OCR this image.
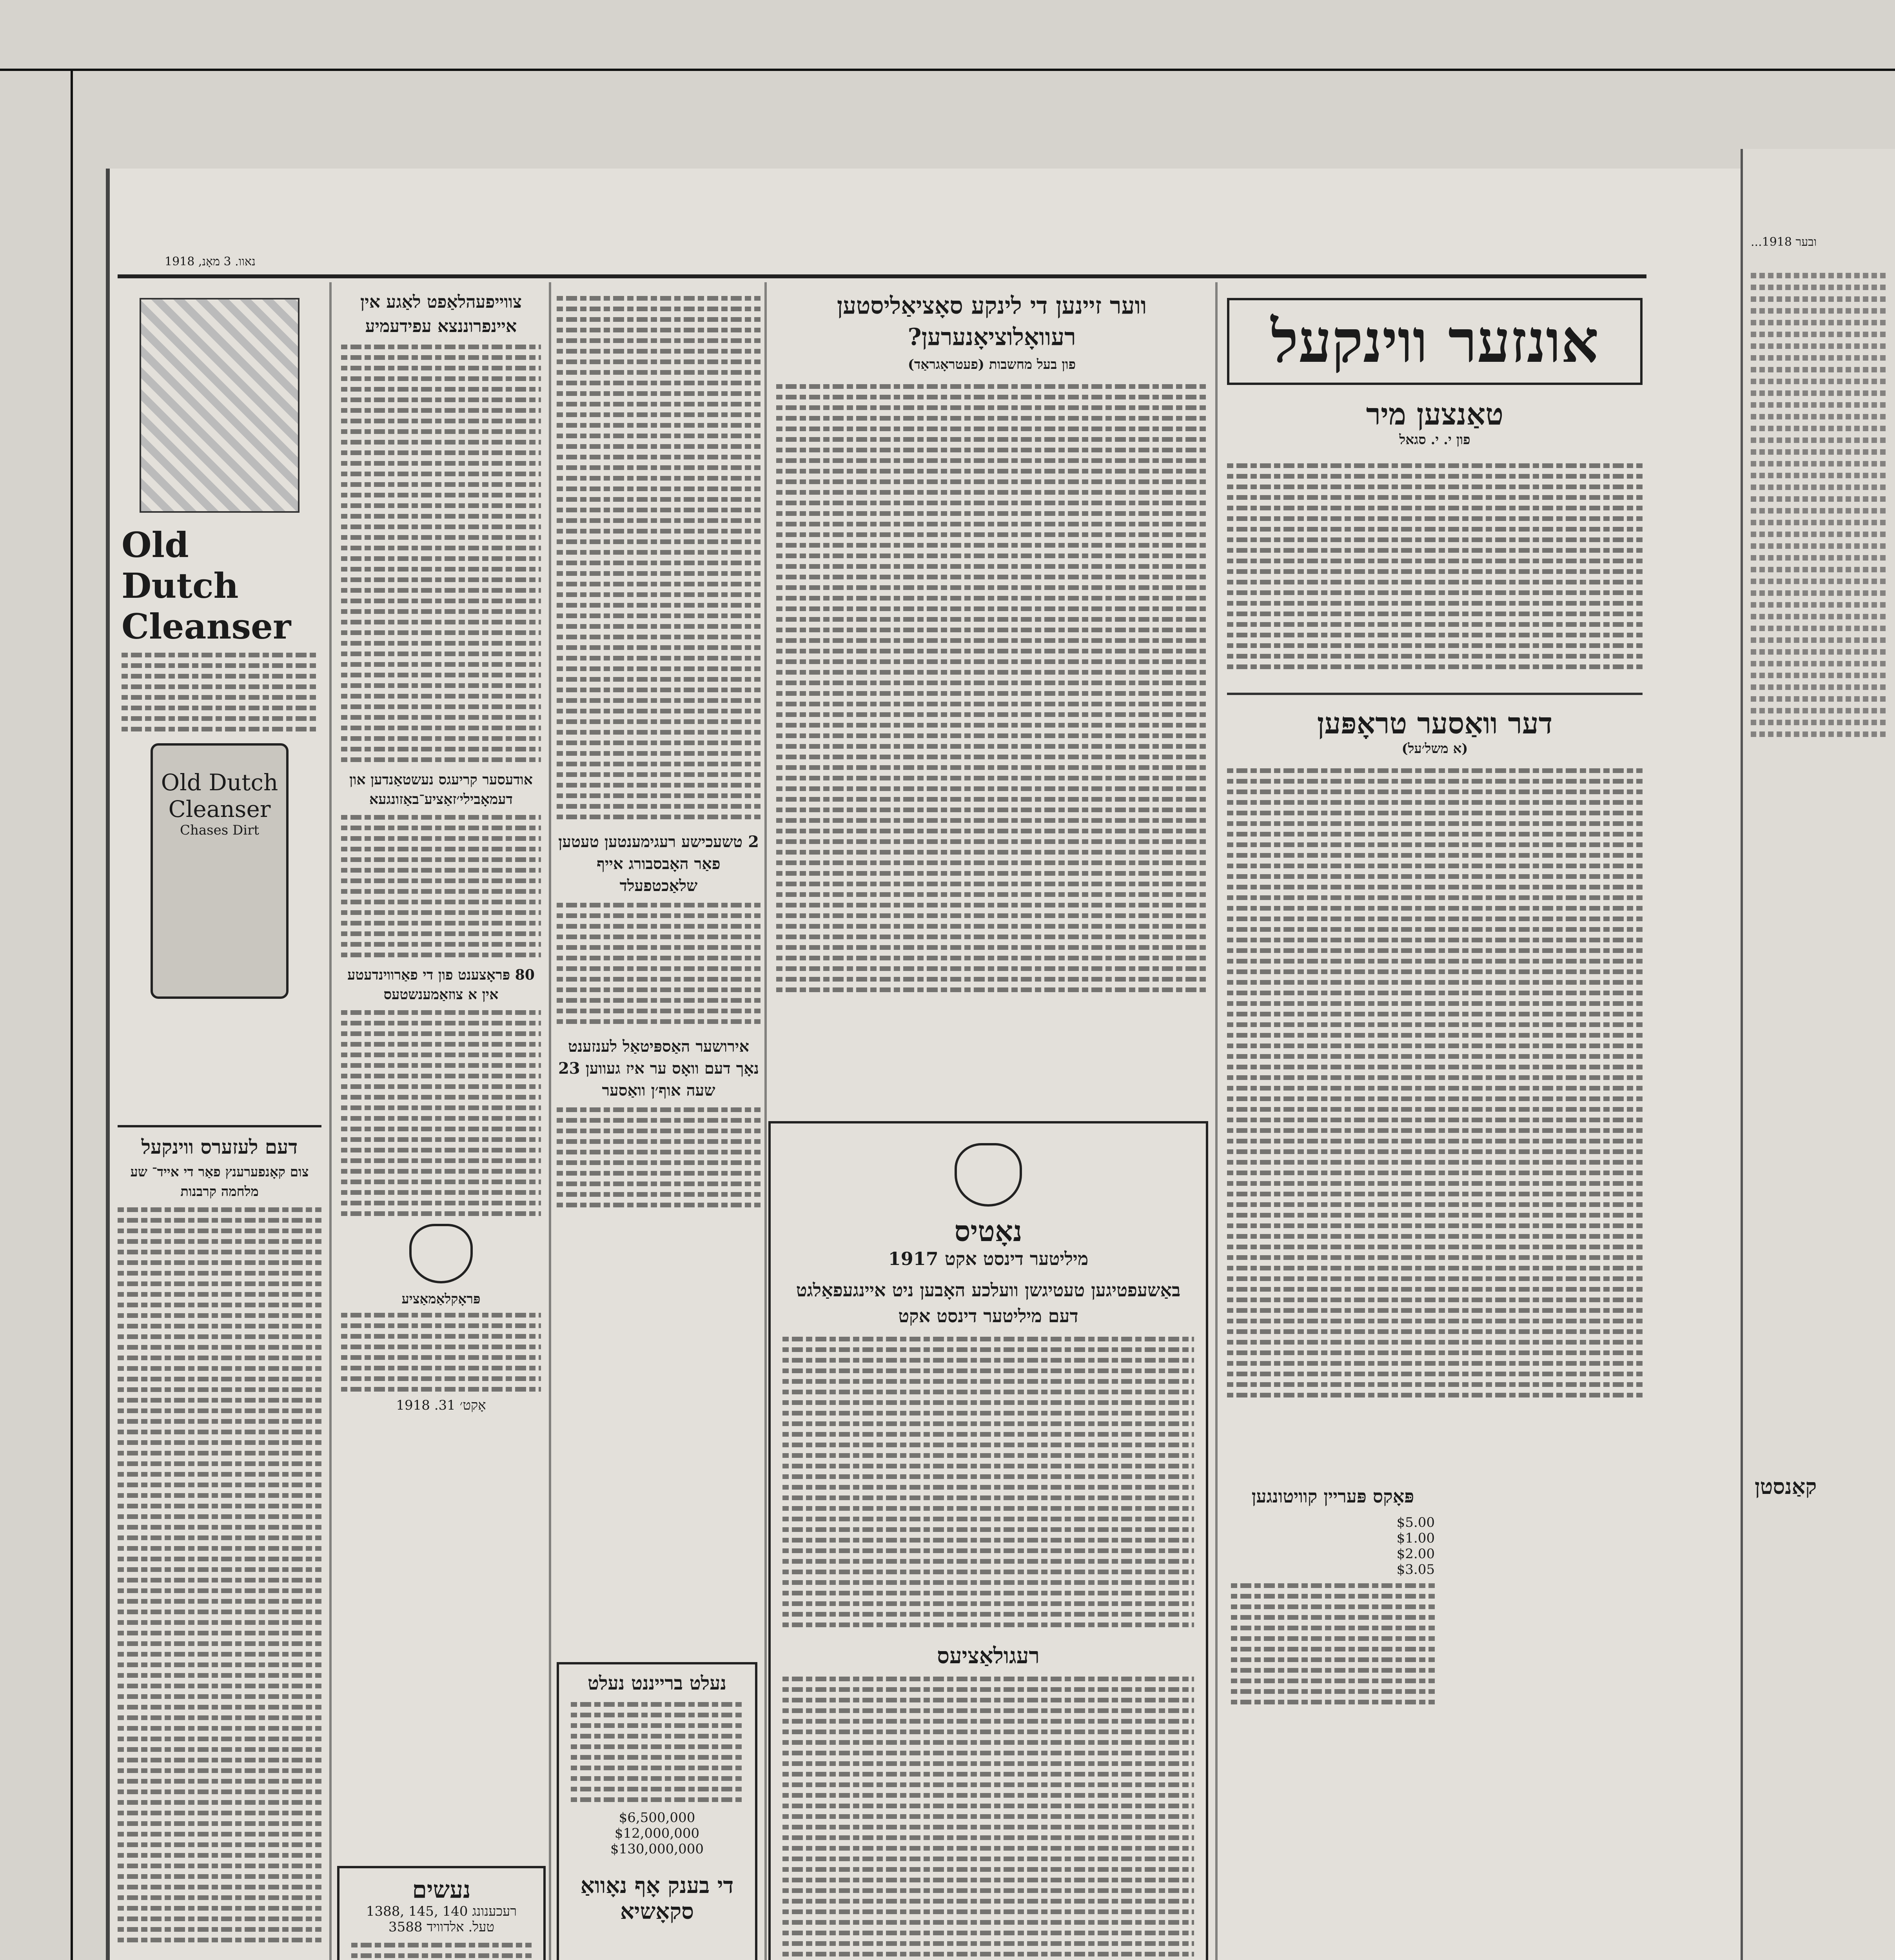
...ובער 1918
קאַנסטן
1918 ,נאוו. 3 מאָנ
אונזער ווינקעל
טאַנצען מיר
פון י. י. סגאל
דער וואַסער טראָפּען
(א משל׳על)
פּאָקס פּעריין קוויטונגען
$5.00
$1.00
$2.00
$3.05
ווער זיינען די לינקע סאָציאַליסטען רעוואָלוציאָנערען?
פון בעל מחשבות (פעטראָגראַד)
נאָטיס
מיליטער דינסט אקט 1917
באַשעפטיגען טעטיגשן וועלכע האָבען ניט איינגעפאַלגט דעם מיליטער דינסט אקט
רעגולאַציעס
2 טשעכישע רעגימענטען טעטען פאַר האָבסבורג אייף שלאַכטפעלד
אירושער האַספּיטאַל לענזענט נאָך דעם וואָס ער איז געווען 23 שעה אוף׳ן וואַסער
נעלט ברייננט נעלט
$6,500,000
$12,000,000
$130,000,000
די בענק אָף נאָוואַ סקאָשיא
צווייפעהלאַפט לאַגע אין איינפרוננצא עפידעמיע
אודעסער קריעגס נעשטאַנדען און דעמאָבילי׳זאַציע־באַזונגעא
80 פּראָצענט פון די פאַרווינדעטע אין א צוזאַמענשטעס
פּראָקלאַמאַציע
1918 .31 אָקט׳
נעשים
רעכענונג 140 ,145 ,1388
טעל. אלדוויד 3588
Old
Dutch
Cleanser
Old Dutch
Cleanser
Chases Dirt
דעם לעזערס ווינקעל
צום קאָנפערענץ פאַר די אייד־ שע מלחמה קרבנות
